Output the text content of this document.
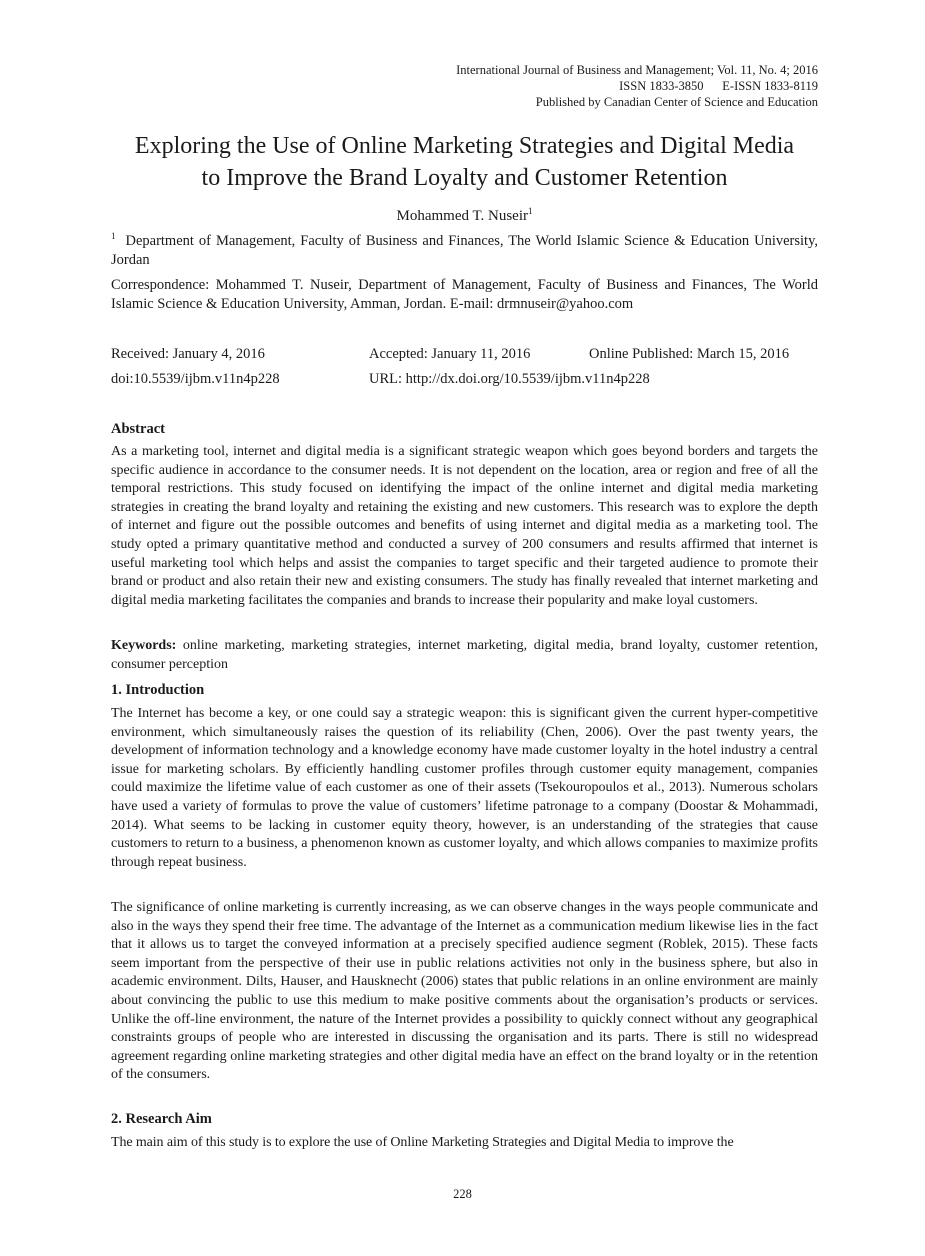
International Journal of Business and Management; Vol. 11, No. 4; 2016
ISSN 1833-3850      E-ISSN 1833-8119
Published by Canadian Center of Science and Education
Exploring the Use of Online Marketing Strategies and Digital Media
to Improve the Brand Loyalty and Customer Retention
Mohammed T. Nuseir$^1$
$^1$ Department of Management, Faculty of Business and Finances, The World Islamic Science & Education University, Jordan
Correspondence: Mohammed T. Nuseir, Department of Management, Faculty of Business and Finances, The World Islamic Science & Education University, Amman, Jordan. E-mail: drmnuseir@yahoo.com
Received: January 4, 2016	Accepted: January 11, 2016	Online Published: March 15, 2016
doi:10.5539/ijbm.v11n4p228	URL: http://dx.doi.org/10.5539/ijbm.v11n4p228
Abstract
As a marketing tool, internet and digital media is a significant strategic weapon which goes beyond borders and targets the specific audience in accordance to the consumer needs. It is not dependent on the location, area or region and free of all the temporal restrictions. This study focused on identifying the impact of the online internet and digital media marketing strategies in creating the brand loyalty and retaining the existing and new customers. This research was to explore the depth of internet and figure out the possible outcomes and benefits of using internet and digital media as a marketing tool. The study opted a primary quantitative method and conducted a survey of 200 consumers and results affirmed that internet is useful marketing tool which helps and assist the companies to target specific and their targeted audience to promote their brand or product and also retain their new and existing consumers. The study has finally revealed that internet marketing and digital media marketing facilitates the companies and brands to increase their popularity and make loyal customers.
Keywords: online marketing, marketing strategies, internet marketing, digital media, brand loyalty, customer retention, consumer perception
1. Introduction
The Internet has become a key, or one could say a strategic weapon: this is significant given the current hyper-competitive environment, which simultaneously raises the question of its reliability (Chen, 2006). Over the past twenty years, the development of information technology and a knowledge economy have made customer loyalty in the hotel industry a central issue for marketing scholars. By efficiently handling customer profiles through customer equity management, companies could maximize the lifetime value of each customer as one of their assets (Tsekouropoulos et al., 2013). Numerous scholars have used a variety of formulas to prove the value of customers’ lifetime patronage to a company (Doostar & Mohammadi, 2014). What seems to be lacking in customer equity theory, however, is an understanding of the strategies that cause customers to return to a business, a phenomenon known as customer loyalty, and which allows companies to maximize profits through repeat business.
The significance of online marketing is currently increasing, as we can observe changes in the ways people communicate and also in the ways they spend their free time. The advantage of the Internet as a communication medium likewise lies in the fact that it allows us to target the conveyed information at a precisely specified audience segment (Roblek, 2015). These facts seem important from the perspective of their use in public relations activities not only in the business sphere, but also in academic environment. Dilts, Hauser, and Hausknecht (2006) states that public relations in an online environment are mainly about convincing the public to use this medium to make positive comments about the organisation’s products or services. Unlike the off-line environment, the nature of the Internet provides a possibility to quickly connect without any geographical constraints groups of people who are interested in discussing the organisation and its parts. There is still no widespread agreement regarding online marketing strategies and other digital media have an effect on the brand loyalty or in the retention of the consumers.
2. Research Aim
The main aim of this study is to explore the use of Online Marketing Strategies and Digital Media to improve the
228
